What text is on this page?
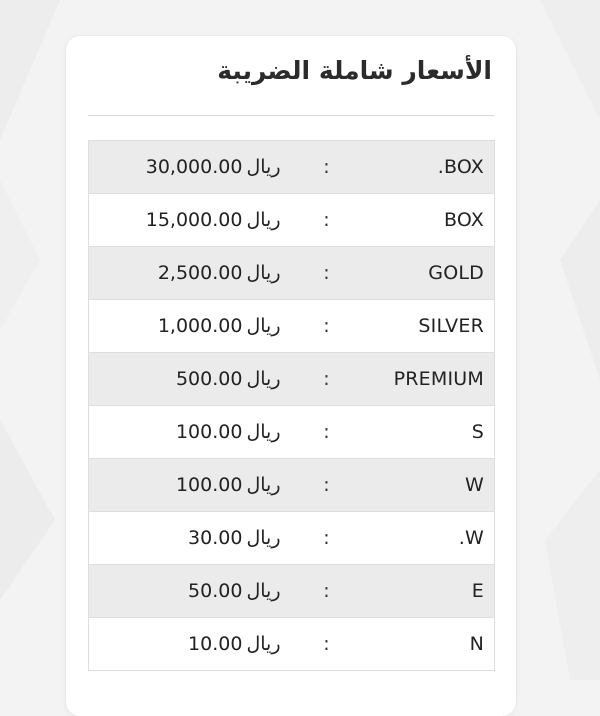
الأسعار شاملة الضريبة
ريال30,000.00	:	.BOX
ريال15,000.00	:	BOX
ريال2,500.00	:	GOLD
ريال1,000.00	:	SILVER
ريال500.00	:	PREMIUM
ريال100.00	:	S
ريال100.00	:	W
ريال30.00	:	.W
ريال50.00	:	E
ريال10.00	:	N
